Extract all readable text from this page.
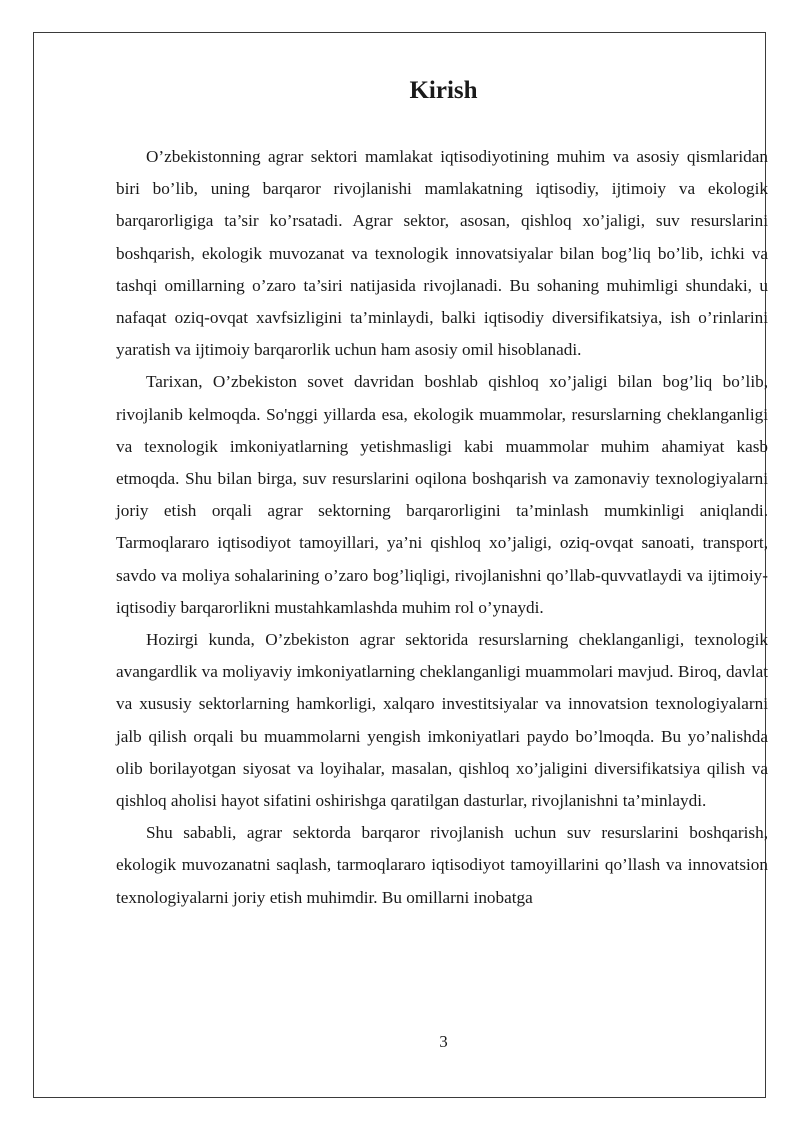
Kirish

O’zbekistonning agrar sektori mamlakat iqtisodiyotining muhim va asosiy qismlaridan biri bo’lib, uning barqaror rivojlanishi mamlakatning iqtisodiy, ijtimoiy va ekologik barqarorligiga ta’sir ko’rsatadi. Agrar sektor, asosan, qishloq xo’jaligi, suv resurslarini boshqarish, ekologik muvozanat va texnologik innovatsiyalar bilan bog’liq bo’lib, ichki va tashqi omillarning o’zaro ta’siri natijasida rivojlanadi. Bu sohaning muhimligi shundaki, u nafaqat oziq-ovqat xavfsizligini ta’minlaydi, balki iqtisodiy diversifikatsiya, ish o’rinlarini yaratish va ijtimoiy barqarorlik uchun ham asosiy omil hisoblanadi.

Tarixan, O’zbekiston sovet davridan boshlab qishloq xo’jaligi bilan bog’liq bo’lib, rivojlanib kelmoqda. So'nggi yillarda esa, ekologik muammolar, resurslarning cheklanganligi va texnologik imkoniyatlarning yetishmasligi kabi muammolar muhim ahamiyat kasb etmoqda. Shu bilan birga, suv resurslarini oqilona boshqarish va zamonaviy texnologiyalarni joriy etish orqali agrar sektorning barqarorligini ta’minlash mumkinligi aniqlandi. Tarmoqlararo iqtisodiyot tamoyillari, ya’ni qishloq xo’jaligi, oziq-ovqat sanoati, transport, savdo va moliya sohalarining o’zaro bog’liqligi, rivojlanishni qo’llab-quvvatlaydi va ijtimoiy-iqtisodiy barqarorlikni mustahkamlashda muhim rol o’ynaydi.

Hozirgi kunda, O’zbekiston agrar sektorida resurslarning cheklanganligi, texnologik avangardlik va moliyaviy imkoniyatlarning cheklanganligi muammolari mavjud. Biroq, davlat va xususiy sektorlarning hamkorligi, xalqaro investitsiyalar va innovatsion texnologiyalarni jalb qilish orqali bu muammolarni yengish imkoniyatlari paydo bo’lmoqda. Bu yo’nalishda olib borilayotgan siyosat va loyihalar, masalan, qishloq xo’jaligini diversifikatsiya qilish va qishloq aholisi hayot sifatini oshirishga qaratilgan dasturlar, rivojlanishni ta’minlaydi.

Shu sababli, agrar sektorda barqaror rivojlanish uchun suv resurslarini boshqarish, ekologik muvozanatni saqlash, tarmoqlararo iqtisodiyot tamoyillarini qo’llash va innovatsion texnologiyalarni joriy etish muhimdir. Bu omillarni inobatga

3
